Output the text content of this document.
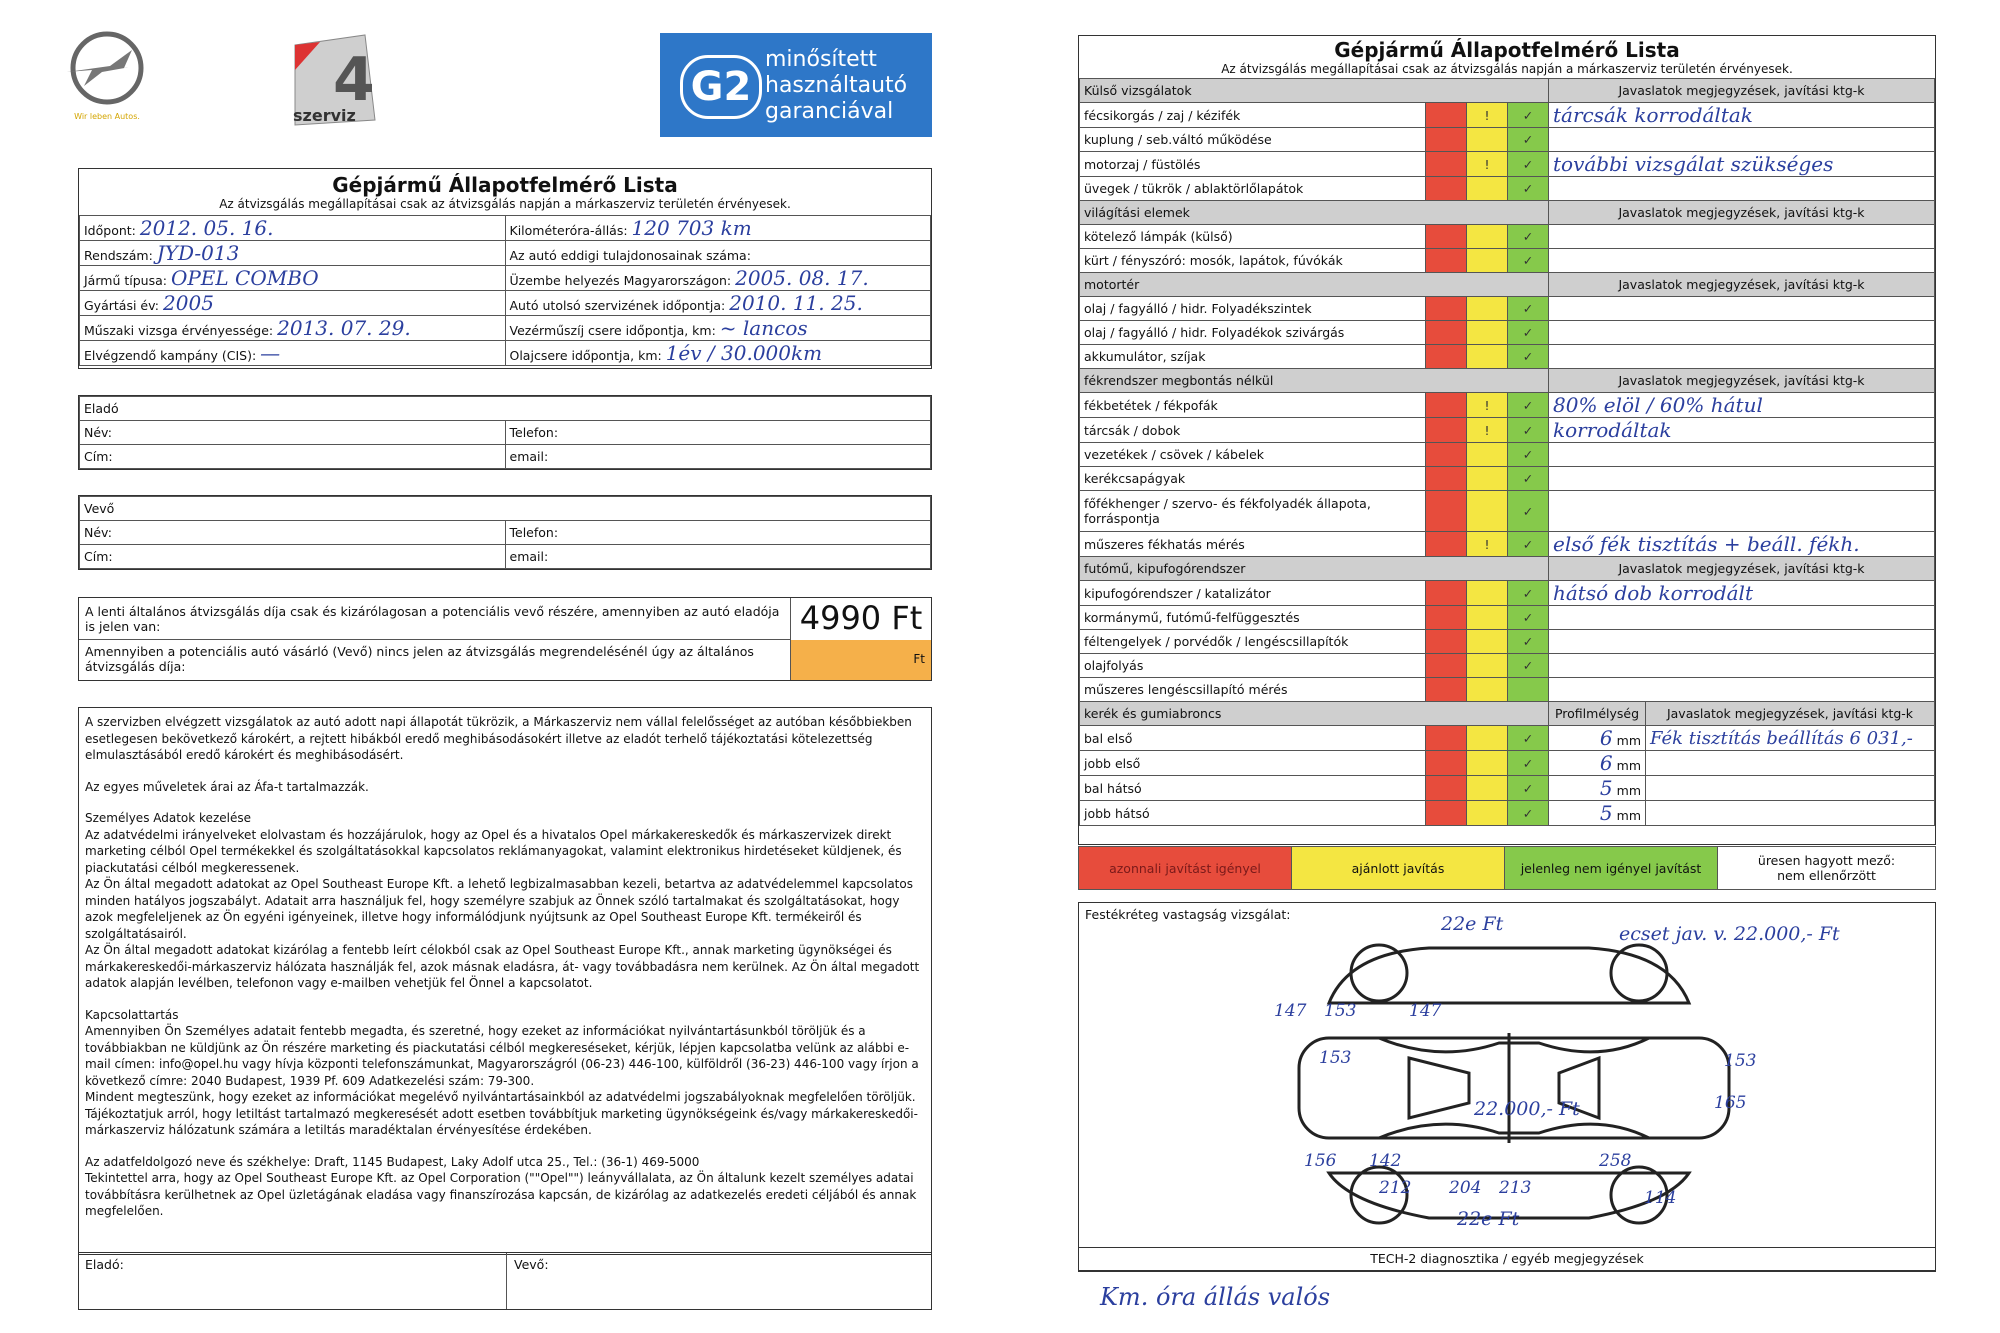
Wir leben Autos.
4
szerviz
G2
minősített
használtautó
garanciával
Gépjármű Állapotfelmérő Lista
Az átvizsgálás megállapításai csak az átvizsgálás napján a márkaszerviz területén érvényesek.
Időpont: 2012. 05. 16.	Kilométeróra-állás: 120 703 km
Rendszám: JYD-013	Az autó eddigi tulajdonosainak száma:
Jármű típusa: OPEL COMBO	Üzembe helyezés Magyarországon: 2005. 08. 17.
Gyártási év: 2005	Autó utolsó szervizének időpontja: 2010. 11. 25.
Műszaki vizsga érvényessége: 2013. 07. 29.	Vezérműszíj csere időpontja, km: ~ lancos
Elvégzendő kampány (CIS): —	Olajcsere időpontja, km: 1év / 30.000km
Eladó	
Név:	Telefon:
Cím:	email:
Vevő	
Név:	Telefon:
Cím:	email:
A lenti általános átvizsgálás díja csak és kizárólagosan a potenciális vevő részére, amennyiben az autó eladója is jelen van:
Amennyiben a potenciális autó vásárló (Vevő) nincs jelen az átvizsgálás megrendelésénél úgy az általános átvizsgálás díja:
4990 Ft
Ft
A szervizben elvégzett vizsgálatok az autó adott napi állapotát tükrözik, a Márkaszerviz nem vállal felelősséget az autóban későbbiekben esetlegesen bekövetkező károkért, a rejtett hibákból eredő meghibásodásokért illetve az eladót terhelő tájékoztatási kötelezettség elmulasztásából eredő károkért és meghibásodásért.
Az egyes műveletek árai az Áfa-t tartalmazzák.
Személyes Adatok kezelése
Az adatvédelmi irányelveket elolvastam és hozzájárulok, hogy az Opel és a hivatalos Opel márkakereskedők és márkaszervizek direkt marketing célból Opel termékekkel és szolgáltatásokkal kapcsolatos reklámanyagokat, valamint elektronikus hirdetéseket küldjenek, és piackutatási célból megkeressenek.
Az Ön által megadott adatokat az Opel Southeast Europe Kft. a lehető legbizalmasabban kezeli, betartva az adatvédelemmel kapcsolatos minden hatályos jogszabályt. Adatait arra használjuk fel, hogy személyre szabjuk az Önnek szóló tartalmakat és szolgáltatásokat, hogy azok megfeleljenek az Ön egyéni igényeinek, illetve hogy informálódjunk nyújtsunk az Opel Southeast Europe Kft. termékeiről és szolgáltatásairól.
Az Ön által megadott adatokat kizárólag a fentebb leírt célokból csak az Opel Southeast Europe Kft., annak marketing ügynökségei és márkakereskedői-márkaszerviz hálózata használják fel, azok másnak eladásra, át- vagy továbbadásra nem kerülnek. Az Ön által megadott adatok alapján levélben, telefonon vagy e-mailben vehetjük fel Önnel a kapcsolatot.
Kapcsolattartás
Amennyiben Ön Személyes adatait fentebb megadta, és szeretné, hogy ezeket az információkat nyilvántartásunkból töröljük és a továbbiakban ne küldjünk az Ön részére marketing és piackutatási célból megkereséseket, kérjük, lépjen kapcsolatba velünk az alábbi e-mail címen: info@opel.hu vagy hívja központi telefonszámunkat, Magyarországról (06-23) 446-100, külföldről (36-23) 446-100 vagy írjon a következő címre: 2040 Budapest, 1939 Pf. 609 Adatkezelési szám: 79-300.
Mindent megteszünk, hogy ezeket az információkat megelévő nyilvántartásainkból az adatvédelmi jogszabályoknak megfelelően töröljük. Tájékoztatjuk arról, hogy letiltást tartalmazó megkeresését adott esetben továbbítjuk marketing ügynökségeink és/vagy márkakereskedői-márkaszerviz hálózatunk számára a letiltás maradéktalan érvényesítése érdekében.
Az adatfeldolgozó neve és székhelye: Draft, 1145 Budapest, Laky Adolf utca 25., Tel.: (36-1) 469-5000
Tekintettel arra, hogy az Opel Southeast Europe Kft. az Opel Corporation (""Opel"") leányvállalata, az Ön általunk kezelt személyes adatai továbbításra kerülhetnek az Opel üzletágának eladása vagy finanszírozása kapcsán, de kizárólag az adatkezelés eredeti céljából és annak megfelelően.
Eladó:	Vevő:
Gépjármű Állapotfelmérő Lista
Az átvizsgálás megállapításai csak az átvizsgálás napján a márkaszerviz területén érvényesek.
Külső vizsgálatok				Javaslatok megjegyzések, javítási ktg-k	
fécsikorgás / zaj / kézifék		!	✓	tárcsák korrodáltak	
kuplung / seb.váltó működése			✓		
motorzaj / füstölés		!	✓	további vizsgálat szükséges	
üvegek / tükrök / ablaktörlőlapátok			✓		
világítási elemek				Javaslatok megjegyzések, javítási ktg-k	
kötelező lámpák (külső)			✓		
kürt / fényszóró: mosók, lapátok, fúvókák			✓		
motortér				Javaslatok megjegyzések, javítási ktg-k	
olaj / fagyálló / hidr. Folyadékszintek			✓		
olaj / fagyálló / hidr. Folyadékok szivárgás			✓		
akkumulátor, szíjak			✓		
fékrendszer megbontás nélkül				Javaslatok megjegyzések, javítási ktg-k	
fékbetétek / fékpofák		!	✓	80% elöl / 60% hátul	
tárcsák / dobok		!	✓	korrodáltak	
vezetékek / csövek / kábelek			✓		
kerékcsapágyak			✓		
főfékhenger / szervo- és fékfolyadék állapota, forráspontja			✓		
műszeres fékhatás mérés		!	✓	első fék tisztítás + beáll. fékh.	
futómű, kipufogórendszer				Javaslatok megjegyzések, javítási ktg-k	
kipufogórendszer / katalizátor			✓	hátsó dob korrodált	
kormánymű, futómű-felfüggesztés			✓		
féltengelyek / porvédők / lengéscsillapítók			✓		
olajfolyás			✓		
műszeres lengéscsillapító mérés					
kerék és gumiabroncs				Profilmélység	Javaslatok megjegyzések, javítási ktg-k
bal első			✓	6 mm	Fék tisztítás beállítás 6 031,-
jobb első			✓	6 mm	
bal hátsó			✓	5 mm	
jobb hátsó			✓	5 mm	
azonnali javítást igényel	ajánlott javítás	jelenleg nem igényel javítást	üresen hagyott mező:
nem ellenőrzött
Festékréteg vastagság vizsgálat:
147 153	147
153	153
165
156 142
212 204 213
258
114
22e Ft	ecset jav. v. 22.000,- Ft
22.000,- Ft
22e Ft
TECH-2 diagnosztika / egyéb megjegyzések
Km. óra állás valós
